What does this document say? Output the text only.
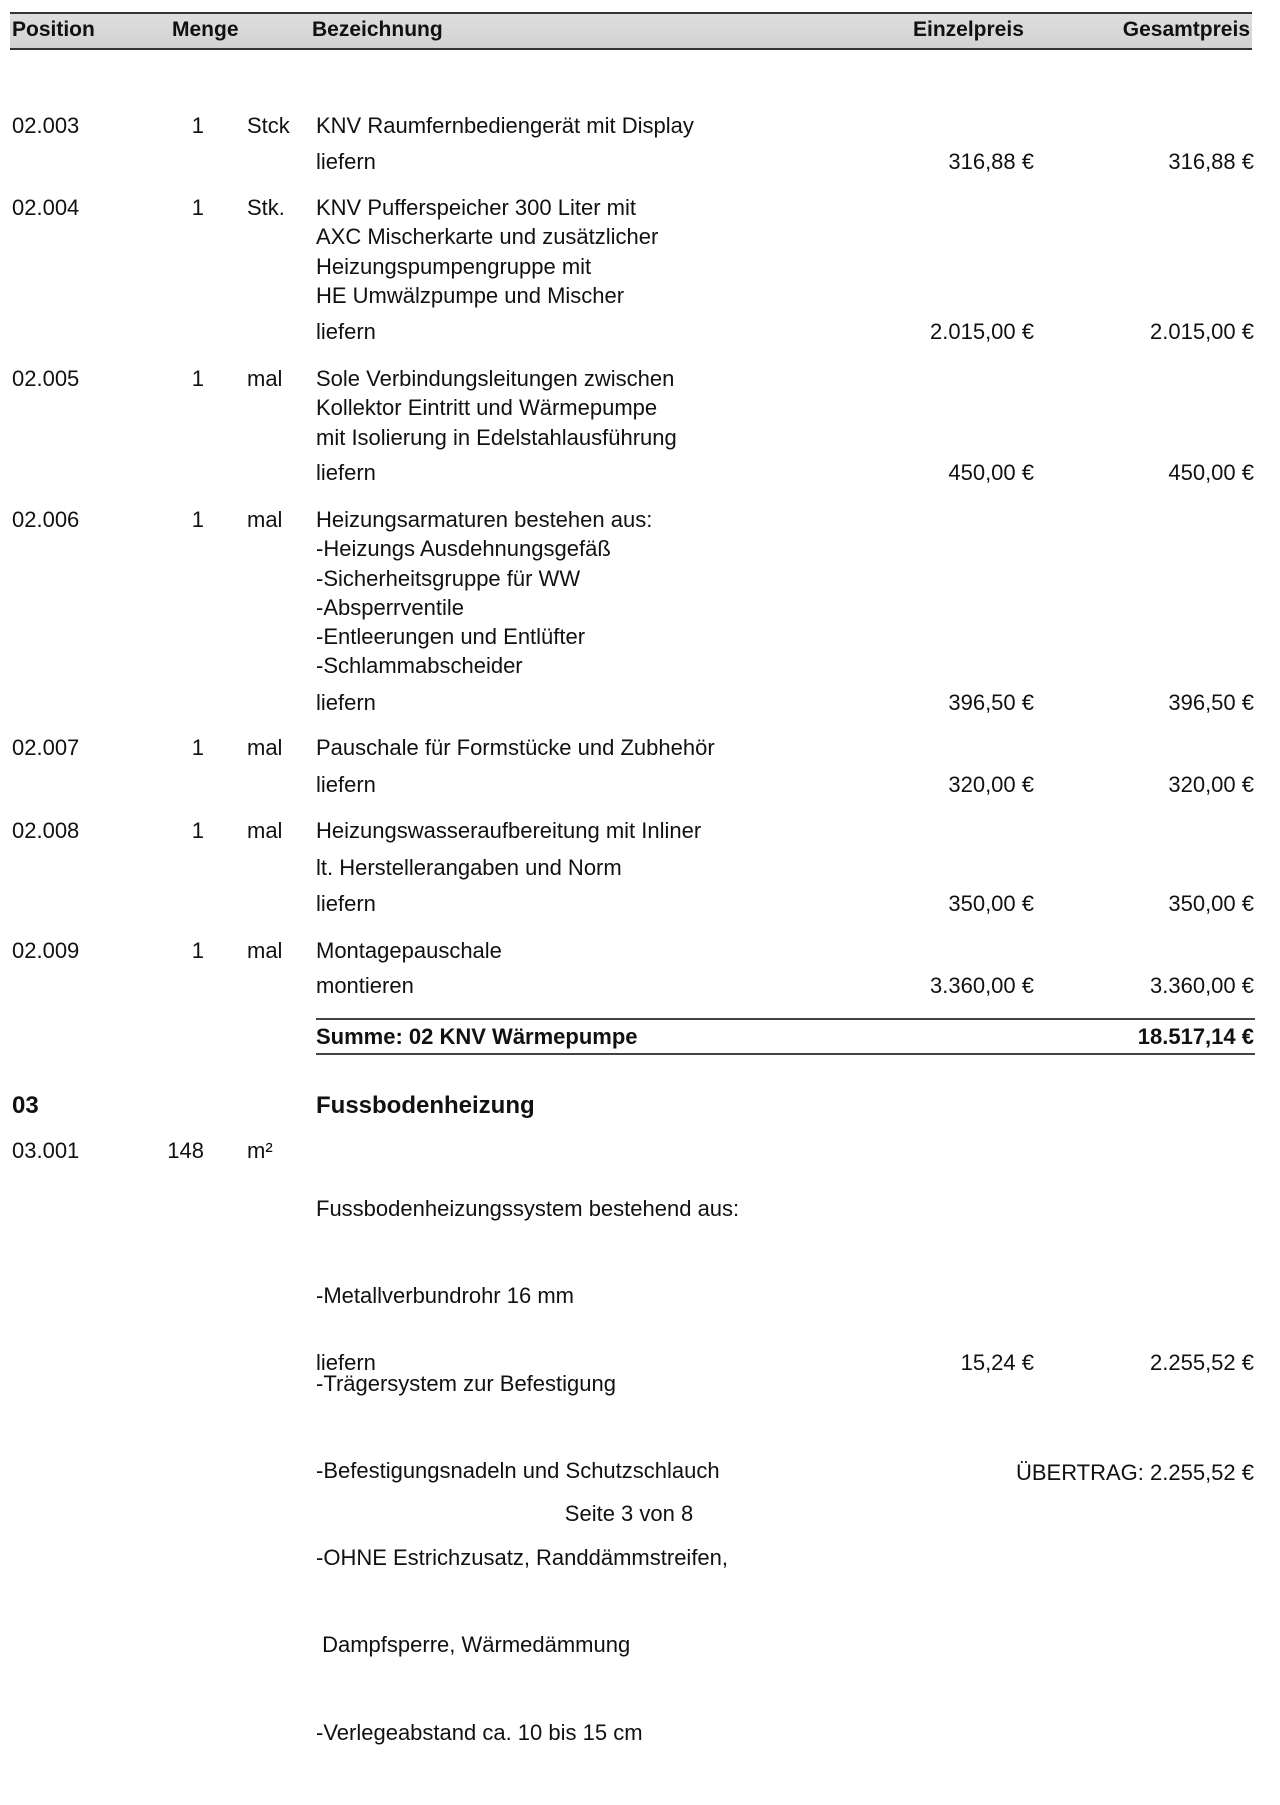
Position	Menge	Bezeichnung	Einzelpreis	Gesamtpreis
02.003	1 Stck KNV Raumfernbediengerät mit Display
liefern	316,88 €	316,88 €
02.004	1 Stk. KNV Pufferspeicher 300 Liter mit
AXC Mischerkarte und zusätzlicher
Heizungspumpengruppe mit
HE Umwälzpumpe und Mischer
liefern	2.015,00 €	2.015,00 €
02.005	1 mal Sole Verbindungsleitungen zwischen
Kollektor Eintritt und Wärmepumpe
mit Isolierung in Edelstahlausführung
liefern	450,00 €	450,00 €
02.006	1 mal Heizungsarmaturen bestehen aus:
-Heizungs Ausdehnungsgefäß
-Sicherheitsgruppe für WW
-Absperrventile
-Entleerungen und Entlüfter
-Schlammabscheider
liefern	396,50 €	396,50 €
02.007	1 mal Pauschale für Formstücke und Zubhehör
liefern	320,00 €	320,00 €
02.008	1 mal Heizungswasseraufbereitung mit Inliner
lt. Herstellerangaben und Norm
liefern	350,00 €	350,00 €
02.009	1 mal Montagepauschale
montieren	3.360,00 €	3.360,00 €
Summe: 02 KNV Wärmepumpe	18.517,14 €
03	Fussbodenheizung
03.001	148 m²

Fussbodenheizungssystem bestehend aus:

-Metallverbundrohr 16 mm

-Trägersystem zur Befestigung

-Befestigungsnadeln und Schutzschlauch

-OHNE Estrichzusatz, Randdämmstreifen,

Dampfsperre, Wärmedämmung

-Verlegeabstand ca. 10 bis 15 cm

liefern	15,24 €	2.255,52 €
ÜBERTRAG: 2.255,52 €
Seite 3 von 8
